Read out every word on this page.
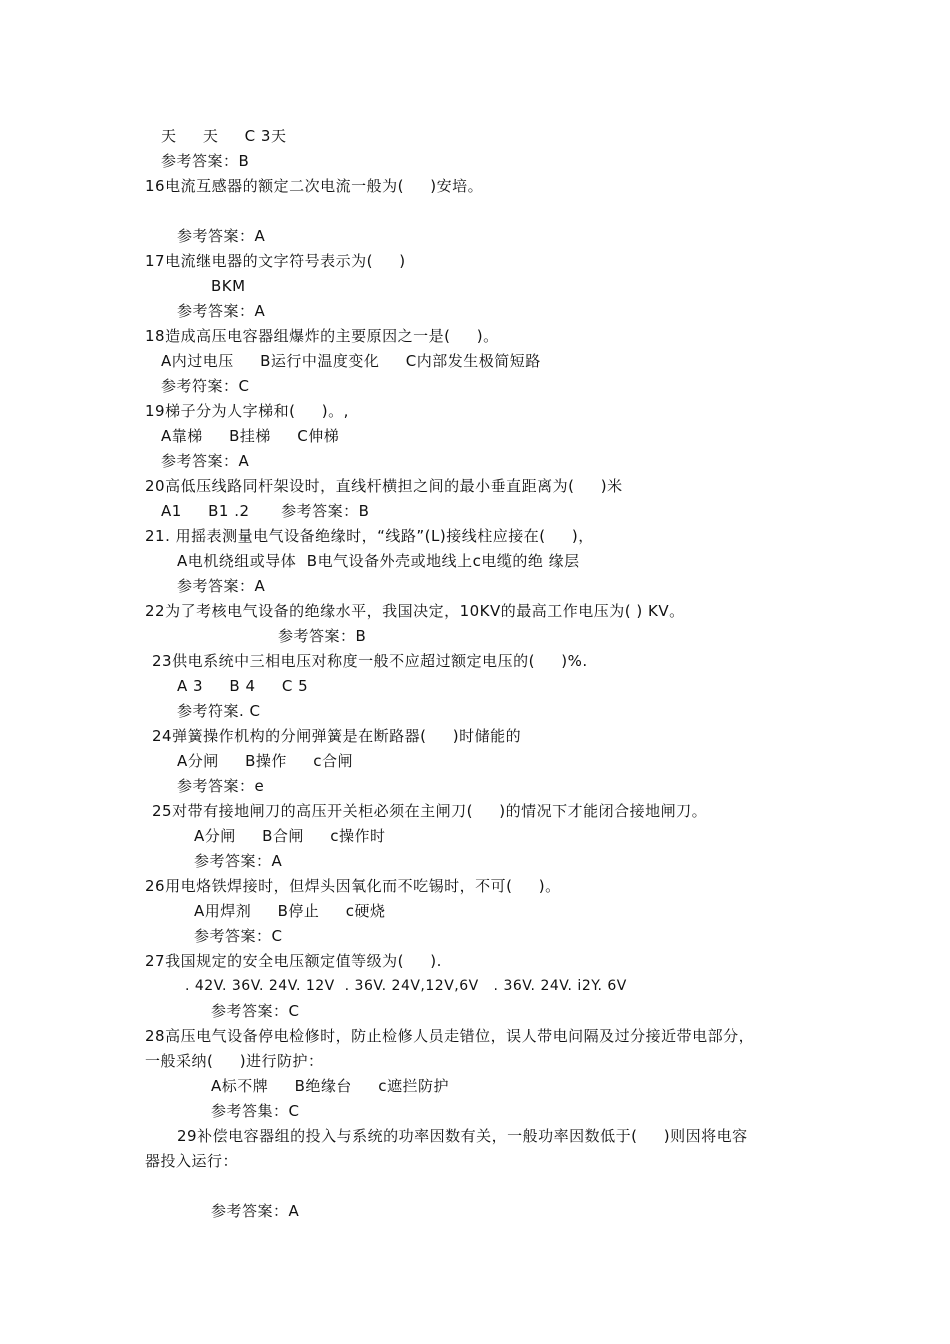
天     天     C 3天
参考答案：B
16电流互感器的额定二次电流一般为(     )安培。
参考答案：A
17电流继电器的文字符号表示为(     )
BKM
参考答案：A
18造成高压电容器组爆炸的主要原因之一是(     )。
A内过电压     B运行中温度变化     C内部发生极简短路
参考符案：C
19梯子分为人字梯和(     )。,
A靠梯     B挂梯     C伸梯
参考答案：A
20高低压线路同杆架设时，直线杆横担之间的最小垂直距离为(     )米
A1     B1 .2      参考答案：B
21. 用摇表测量电气设备绝缘时，“线路”(L)接线柱应接在(     )，
A电机绕组或导体  B电气设备外壳或地线上c电缆的绝 缘层
参考答案：A
22为了考核电气设备的绝缘水平，我国决定，10KV的最高工作电压为( ) KV。
参考答案：B
23供电系统中三相电压对称度一般不应超过额定电压的(     )%.
A 3     B 4     C 5
参考符案. C
24弹簧操作机构的分闸弹簧是在断路器(     )时储能的
A分闸     B操作     c合闸
参考答案：e
25对带有接地闸刀的高压开关柜必须在主闸刀(     )的情况下才能闭合接地闸刀。
A分闸     B合闸     c操作时
参考答案：A
26用电烙铁焊接时，但焊头因氧化而不吃锡时，不可(     )。
A用焊剂     B停止     c硬烧
参考答案：C
27我国规定的安全电压额定值等级为(     ).
. 42V. 36V. 24V. 12V  . 36V. 24V,12V,6V   . 36V. 24V. i2Y. 6V
参考答案：C
28高压电气设备停电检修时，防止检修人员走错位，误人带电问隔及过分接近带电部分，
一般采纳(     )进行防护：
A标不牌     B绝缘台     c遮拦防护
参考答集：C
29补偿电容器组的投入与系统的功率因数有关，一般功率因数低于(     )则因将电容
器投入运行：
参考答案：A
